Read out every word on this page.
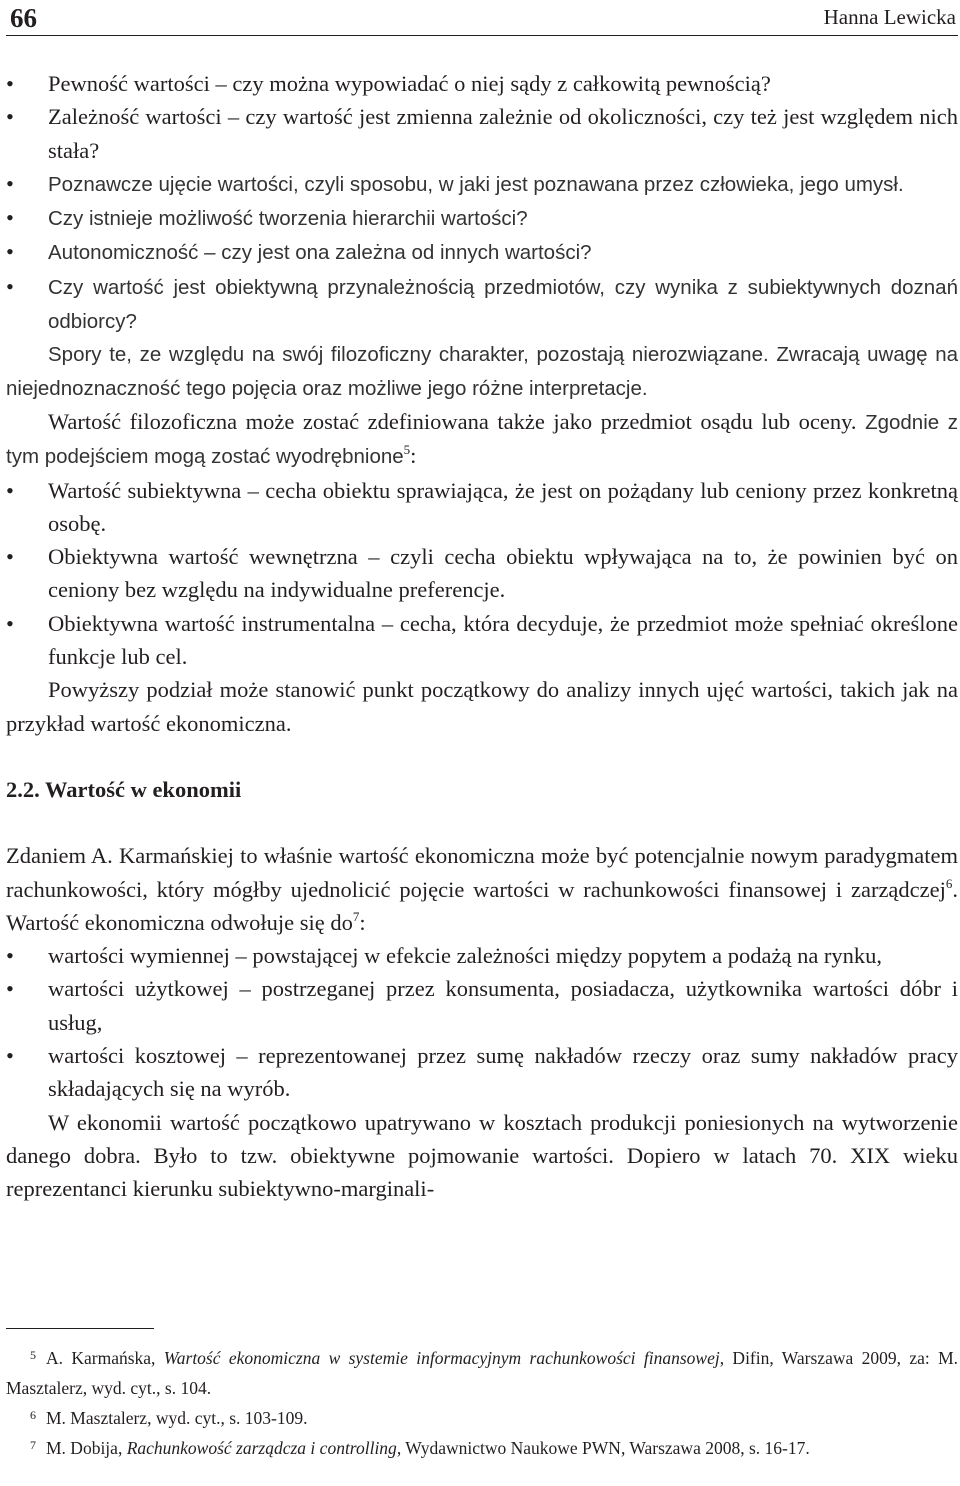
66	Hanna Lewicka
• Pewność wartości – czy można wypowiadać o niej sądy z całkowitą pewnością?
• Zależność wartości – czy wartość jest zmienna zależnie od okoliczności, czy też jest względem nich stała?
• Poznawcze ujęcie wartości, czyli sposobu, w jaki jest poznawana przez człowieka, jego umysł.
• Czy istnieje możliwość tworzenia hierarchii wartości?
• Autonomiczność – czy jest ona zależna od innych wartości?
• Czy wartość jest obiektywną przynależnością przedmiotów, czy wynika z subiektywnych doznań odbiorcy?

Spory te, ze względu na swój filozoficzny charakter, pozostają nierozwiązane. Zwracają uwagę na niejednoznaczność tego pojęcia oraz możliwe jego różne interpretacje.

Wartość filozoficzna może zostać zdefiniowana także jako przedmiot osądu lub oceny. Zgodnie z tym podejściem mogą zostać wyodrębnione$^5$:

• Wartość subiektywna – cecha obiektu sprawiająca, że jest on pożądany lub ceniony przez konkretną osobę.
• Obiektywna wartość wewnętrzna – czyli cecha obiektu wpływająca na to, że powinien być on ceniony bez względu na indywidualne preferencje.
• Obiektywna wartość instrumentalna – cecha, która decyduje, że przedmiot może spełniać określone funkcje lub cel.

Powyższy podział może stanowić punkt początkowy do analizy innych ujęć wartości, takich jak na przykład wartość ekonomiczna.

2.2. Wartość w ekonomii

Zdaniem A. Karmańskiej to właśnie wartość ekonomiczna może być potencjalnie nowym paradygmatem rachunkowości, który mógłby ujednolicić pojęcie wartości w rachunkowości finansowej i zarządczej$^6$. Wartość ekonomiczna odwołuje się $do^7$:

• wartości wymiennej – powstającej w efekcie zależności między popytem a podażą na rynku,
• wartości użytkowej – postrzeganej przez konsumenta, posiadacza, użytkownika wartości dóbr i usług,
• wartości kosztowej – reprezentowanej przez sumę nakładów rzeczy oraz sumy nakładów pracy składających się na wyrób.

W ekonomii wartość początkowo upatrywano w kosztach produkcji poniesionych na wytworzenie danego dobra. Było to tzw. obiektywne pojmowanie wartości. Dopiero w latach 70. XIX wieku reprezentanci kierunku subiektywno-marginali-

5 A. Karmańska, Wartość ekonomiczna w systemie informacyjnym rachunkowości finansowej, Difin, Warszawa 2009, za: M. Masztalerz, wyd. cyt., s. 104.

6 M. Masztalerz, wyd. cyt., s. 103-109.

7 M. Dobija, Rachunkowość zarządcza i controlling, Wydawnictwo Naukowe PWN, Warszawa 2008, s. 16-17.
